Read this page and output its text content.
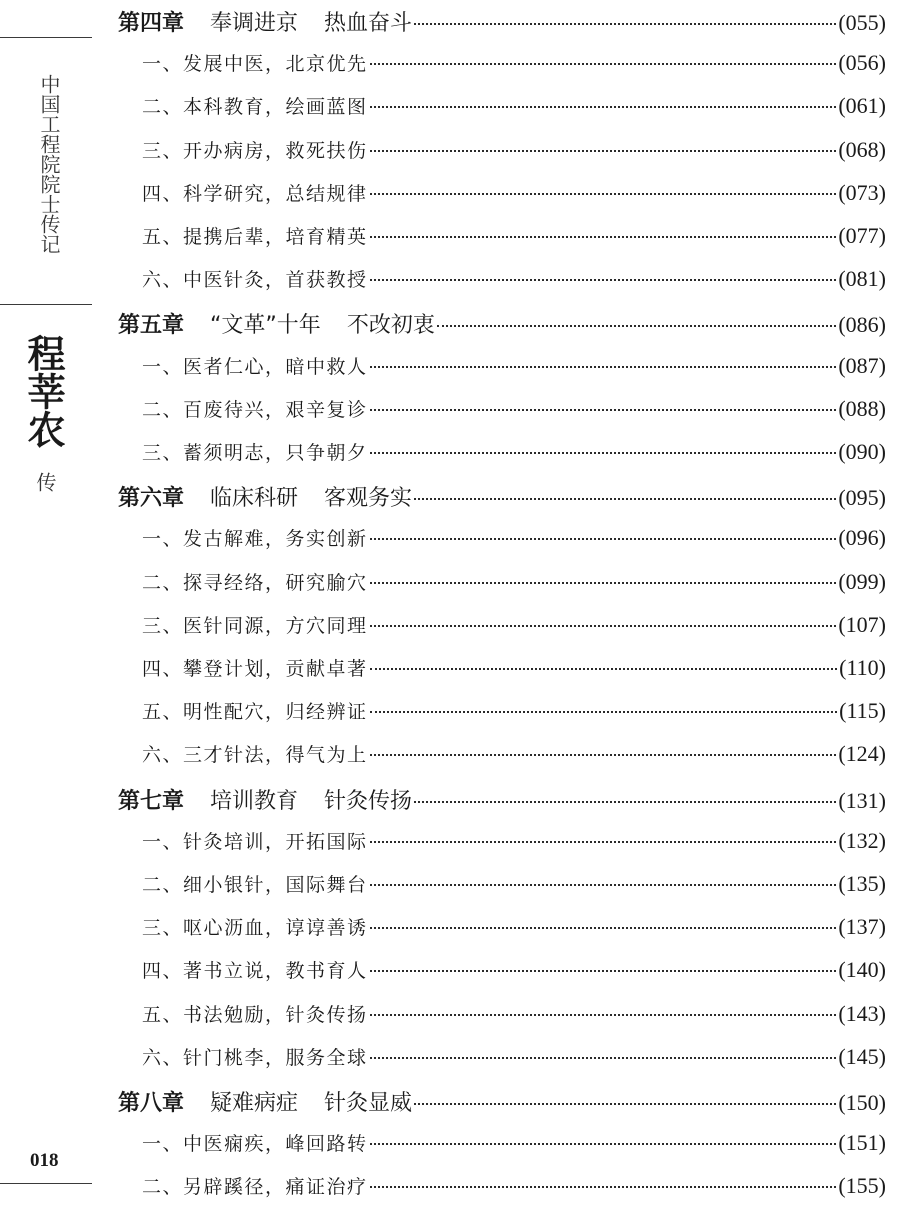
中国工程院院士传记
程莘农
传
018
第四章 奉调进京 热血奋斗	(055)
一、发展中医，北京优先	(056)
二、本科教育，绘画蓝图	(061)
三、开办病房，救死扶伤	(068)
四、科学研究，总结规律	(073)
五、提携后辈，培育精英	(077)
六、中医针灸，首获教授	(081)
第五章 “文革”十年 不改初衷	(086)
一、医者仁心，暗中救人	(087)
二、百废待兴，艰辛复诊	(088)
三、蓄须明志，只争朝夕	(090)
第六章 临床科研 客观务实	(095)
一、发古解难，务实创新	(096)
二、探寻经络，研究腧穴	(099)
三、医针同源，方穴同理	(107)
四、攀登计划，贡献卓著	(110)
五、明性配穴，归经辨证	(115)
六、三才针法，得气为上	(124)
第七章 培训教育 针灸传扬	(131)
一、针灸培训，开拓国际	(132)
二、细小银针，国际舞台	(135)
三、呕心沥血，谆谆善诱	(137)
四、著书立说，教书育人	(140)
五、书法勉励，针灸传扬	(143)
六、针门桃李，服务全球	(145)
第八章 疑难病症 针灸显威	(150)
一、中医痫疾，峰回路转	(151)
二、另辟蹊径，痛证治疗	(155)
